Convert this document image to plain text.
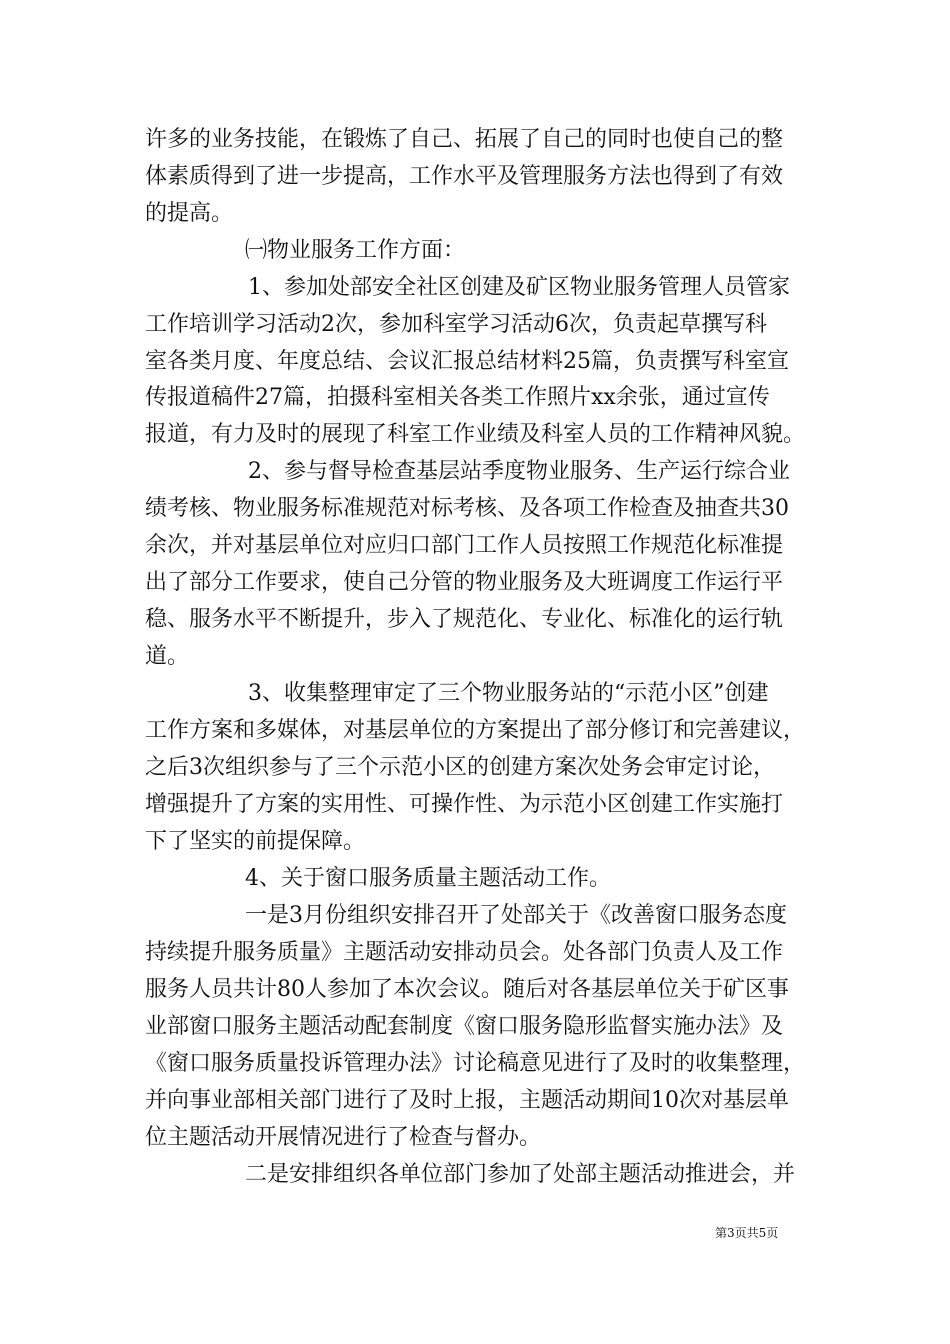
许多的业务技能，在锻炼了自己、拓展了自己的同时也使自己的整
体素质得到了进一步提高，工作水平及管理服务方法也得到了有效
的提高。
㈠物业服务工作方面：
1、参加处部安全社区创建及矿区物业服务管理人员管家
工作培训学习活动2次，参加科室学习活动6次，负责起草撰写科
室各类月度、年度总结、会议汇报总结材料25篇，负责撰写科室宣
传报道稿件27篇，拍摄科室相关各类工作照片xx余张，通过宣传
报道，有力及时的展现了科室工作业绩及科室人员的工作精神风貌。
2、参与督导检查基层站季度物业服务、生产运行综合业
绩考核、物业服务标准规范对标考核、及各项工作检查及抽查共30
余次，并对基层单位对应归口部门工作人员按照工作规范化标准提
出了部分工作要求，使自己分管的物业服务及大班调度工作运行平
稳、服务水平不断提升，步入了规范化、专业化、标准化的运行轨
道。
3、收集整理审定了三个物业服务站的“示范小区”创建
工作方案和多媒体，对基层单位的方案提出了部分修订和完善建议，
之后3次组织参与了三个示范小区的创建方案次处务会审定讨论，
增强提升了方案的实用性、可操作性、为示范小区创建工作实施打
下了坚实的前提保障。
4、关于窗口服务质量主题活动工作。
一是3月份组织安排召开了处部关于《改善窗口服务态度
持续提升服务质量》主题活动安排动员会。处各部门负责人及工作
服务人员共计80人参加了本次会议。随后对各基层单位关于矿区事
业部窗口服务主题活动配套制度《窗口服务隐形监督实施办法》及
《窗口服务质量投诉管理办法》讨论稿意见进行了及时的收集整理，
并向事业部相关部门进行了及时上报，主题活动期间10次对基层单
位主题活动开展情况进行了检查与督办。
二是安排组织各单位部门参加了处部主题活动推进会，并
第3页共5页
